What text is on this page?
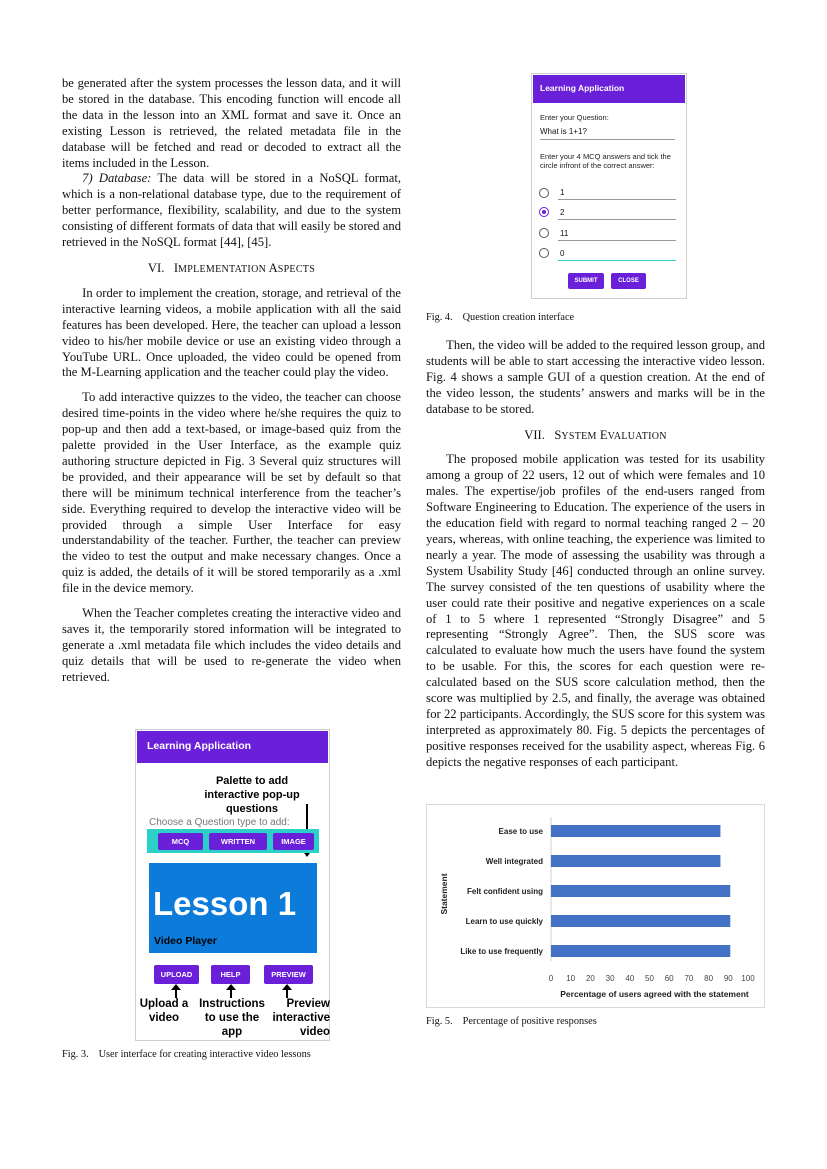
be generated after the system processes the lesson data, and it will be stored in the database. This encoding function will encode all the data in the lesson into an XML format and save it. Once an existing Lesson is retrieved, the related metadata file in the database will be fetched and read or decoded to extract all the items included in the Lesson.

7) Database: The data will be stored in a NoSQL format, which is a non-relational database type, due to the requirement of better performance, flexibility, scalability, and due to the system consisting of different formats of data that will easily be stored and retrieved in the NoSQL format [44], [45].

VI. IMPLEMENTATION ASPECTS

In order to implement the creation, storage, and retrieval of the interactive learning videos, a mobile application with all the said features has been developed. Here, the teacher can upload a lesson video to his/her mobile device or use an existing video through a YouTube URL. Once uploaded, the video could be opened from the M-Learning application and the teacher could play the video.

To add interactive quizzes to the video, the teacher can choose desired time-points in the video where he/she requires the quiz to pop-up and then add a text-based, or image-based quiz from the palette provided in the User Interface, as the example quiz authoring structure depicted in Fig. 3 Several quiz structures will be provided, and their appearance will be set by default so that there will be minimum technical interference from the teacher’s side. Everything required to develop the interactive video will be provided through a simple User Interface for easy understandability of the teacher. Further, the teacher can preview the video to test the output and make necessary changes. Once a quiz is added, the details of it will be stored temporarily as a .xml file in the device memory.

When the Teacher completes creating the interactive video and saves it, the temporarily stored information will be integrated to generate a .xml metadata file which includes the video details and quiz details that will be used to re-generate the video when retrieved.

Learning Application
Palette to add interactive pop-up questions
Choose a Question type to add:
MCQ	WRITTEN	IMAGE
Lesson 1
Video Player
UPLOAD	HELP	PREVIEW
Upload a video
Instructions to use the app
Preview interactive video
Fig. 3. User interface for creating interactive video lessons
Learning Application
Enter your Question:
What is 1+1?
Enter your 4 MCQ answers and tick the circle infront of the correct answer:
1
2
11
0
SUBMIT	CLOSE
Fig. 4. Question creation interface

Then, the video will be added to the required lesson group, and students will be able to start accessing the interactive video lesson. Fig. 4 shows a sample GUI of a question creation. At the end of the video lesson, the students’ answers and marks will be in the database to be stored.

VII. SYSTEM EVALUATION

The proposed mobile application was tested for its usability among a group of 22 users, 12 out of which were females and 10 males. The expertise/job profiles of the end-users ranged from Software Engineering to Education. The experience of the users in the education field with regard to normal teaching ranged 2 – 20 years, whereas, with online teaching, the experience was limited to nearly a year. The mode of assessing the usability was through a System Usability Study [46] conducted through an online survey. The survey consisted of the ten questions of usability where the user could rate their positive and negative experiences on a scale of 1 to 5 where 1 represented “Strongly Disagree” and 5 representing “Strongly Agree”. Then, the SUS score was calculated to evaluate how much the users have found the system to be usable. For this, the scores for each question were re-calculated based on the SUS score calculation method, then the score was multiplied by 2.5, and finally, the average was obtained for 22 participants. Accordingly, the SUS score for this system was interpreted as approximately 80. Fig. 5 depicts the percentages of positive responses received for the usability aspect, whereas Fig. 6 depicts the negative responses of each participant.

Ease to use
Well integrated
Felt confident using
Learn to use quickly
Like to use frequently
0 10 20 30 40 50 60 70 80 90 100
Percentage of users agreed with the statement
Statement
Fig. 5. Percentage of positive responses
